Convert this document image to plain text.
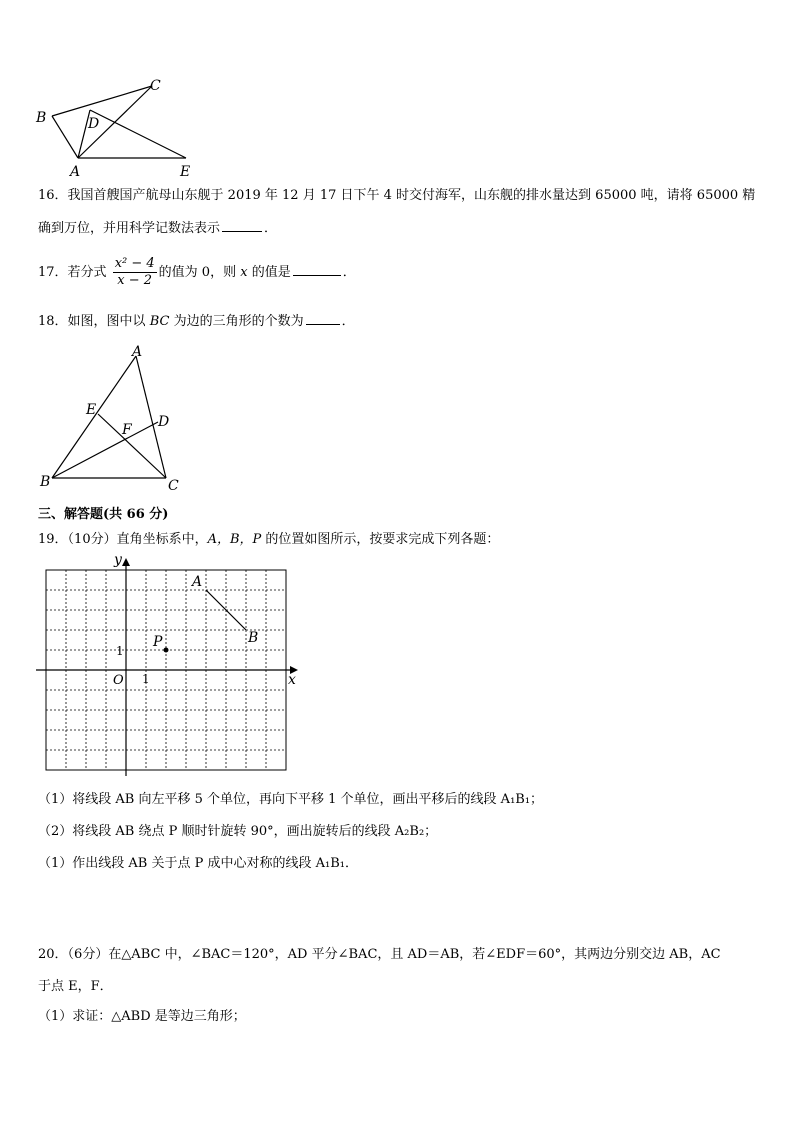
C
B	D
A	E
16．我国首艘国产航母山东舰于 2019 年 12 月 17 日下午 4 时交付海军，山东舰的排水量达到 65000 吨，请将 65000 精
确到万位，并用科学记数法表示	．
17．若分式 $\frac{\text{x² − 4}}{x - 2}$ 的值为 0，则 x 的值是	．
18．如图，图中以 BC 为边的三角形的个数为	．
A
E
D
F
B	C
三、解答题(共 66 分)
19．（10分）直角坐标系中，A，B，P 的位置如图所示，按要求完成下列各题：
y
x
O 1
1
A
B
P
（1）将线段 AB 向左平移 5 个单位，再向下平移 1 个单位，画出平移后的线段 A₁B₁；
（2）将线段 AB 绕点 P 顺时针旋转 90°，画出旋转后的线段 A₂B₂；
（1）作出线段 AB 关于点 P 成中心对称的线段 A₁B₁．
20．（6分）在△ABC 中，∠BAC＝120°，AD 平分∠BAC，且 AD＝AB，若∠EDF＝60°，其两边分别交边 AB，AC
于点 E，F．
（1）求证：△ABD 是等边三角形；
